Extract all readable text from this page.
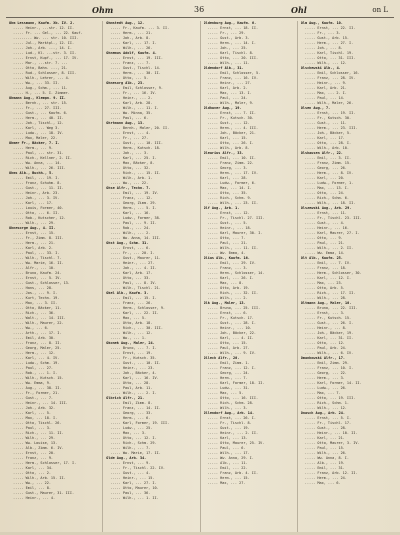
Ohm	36	Ohl	on L
Ohm Lessmann, Kaufm. Xb. IV. 2.
..... Heinr., ...str. 12. II.
..... Fr. ... Gel., ... 22. Kauf-
......... Ww. ... str. 10. III.
..... Jul., Marktpl., 12. II.
..... Joh., Arb. ..., 14. I.
..... Lud., Kl. ...str. 3. II.
..... Ernst, Kupf., ... 17. IV.
..... Mar., ...str. 7. ...
..... Otto, Bahn. ..., 21.
..... Rud., Schlosser, 8. III.
..... Wilh., Lehrer, ... 4.
..... Ww., ... 33. II.
..... Aug., Schm., ... 11.
..... H., ... 5. I. Zimmer.
Ohmann Aug., Klempn. 9. II.
..... Bernh., ... str. 15.
..... Fr., ... 27. III.
..... Gust., ... Kaufm. 6.
..... Herm., ... 40. II.
..... Joh., Tischl., 12.
..... Karl, ... Weg 3.
..... Ludw., ... 18. IV.
..... Max, Maler, 22.
Ohmer Fr., Bäcker, 7. I.
..... Herm., ... 9.
..... Paul, ... str. 31.
..... Rich., Kellner, 2. II.
..... Ww. Anna, ... 14.
..... Wilh., ... 26. III.
Ohms Alb., Buchh., 5.
..... Emil, ... 19. I.
..... Franz, Schuhm. 8.
..... Gust., ... 11. II.
..... Heinr., Arb. 23.
..... Joh., ... 3. IV.
..... Karl, ... 17.
..... Louis, Former, 40.
..... Otto, ... 6. II.
..... Rob., Kutscher, 12.
..... Wilh., ... 29.
Ohnesorge Aug., 4. II.
..... Ernst, ... 15.
..... Fr., Zimm. 8. III.
..... Herm., ... 21.
..... Karl, Arb. 2.
..... Paul, ... 33. I.
..... Wilh., Tischl. 7.
..... Ww. Marie, 16. II.
..... Alfr., ... 10.
..... Bruno, Kaufm. 24.
..... Ernst, ... 5. IV.
..... Gust., Schlosser, 13.
..... Hans, ... 28.
..... Jos., ... 9. I.
..... Kurt, Techn. 19.
..... Max, ... 3. II.
..... Otto, Bäcker, 11.
..... Rich., ... 36.
..... Walt., ... 14. III.
..... Wilh., Maurer, 22.
..... Ww., ... 6.
..... Arth., ... 17. I.
..... Emil, Arb. 30.
..... Franz, ... 8. II.
..... Georg, Maler, 25.
..... Herm., ... 12.
..... Karl, ... 4. IV.
..... Ludw., Schm. 19.
..... Paul, ... 27.
..... Rob., ... 1. I.
..... Wilh., Kutsch. 15.
..... Ww. Emma, 9.
..... Aug., ... 38. II.
..... Fr., Former, 21.
..... Gust., ... 7.
..... Heinr., ... 14. III.
..... Joh., Arb. 32.
..... Karl, ... 5.
..... Max, ... 18. I.
..... Otto, Tischl. 26.
..... Paul, ... 3.
..... Rich., ... 11. II.
..... Wilh., ... 29.
..... Ww. Louise, 13.
..... Alb., Zimm. 6. IV.
..... Ernst, ... 20.
..... Franz, ... 9.
..... Herm., Schlosser, 17. I.
..... Karl, ... 34.
..... Otto, ... 2.
..... Wilh., Arb. 15. II.
..... Ww., ... 22.
..... Emil, ... 8.
..... Gust., Maurer, 31. III.
..... Heinr., ... 4.
Ohmstedt Aug., 12.
..... Fr., Kaufm. ... 3. II.
..... Herm., ... 21.
..... Joh., Arb. 8.
..... Karl, ... 17. I.
..... Wilh., ... 26.
Ohnemus Adolf, Kaufm. 4.
..... Ernst, ... 19. III.
..... Franz, ... 7.
..... Gust., Tischl. 14.
..... Herm., ... 30. II.
..... Otto, ... 5.
Ohnesorg Alb., 23.
..... Emil, Schlosser, 9.
..... Fr., ... 16. IV.
..... Heinr., ... 2.
..... Karl, Arb. 28.
..... Wilh., ... 11. I.
..... Ww. Minna, 35.
..... Paul, ... 6.
Ohrtmann Aug., 13.
..... Bernh., Maler, 20. II.
..... Ernst, ... 4.
..... Fr., ... 27.
..... Gust., ... 10. III.
..... Herm., Kutsch. 18.
..... Joh., ... 3.
..... Karl, ... 25. I.
..... Max, Bäcker, 8.
..... Otto, ... 32.
..... Rich., ... 15. II.
..... Wilh., Arb. 1.
..... Ww., ... 22.
Ohse Alfr., Techn. 7.
..... Emil, ... 19. IV.
..... Franz, ... 12.
..... Georg, Zimm. 29.
..... Herm., ... 5. I.
..... Karl, ... 16.
..... Ludw., Former, 38.
..... Paul, ... 9. II.
..... Rob., ... 24.
..... Wilh., ... 2.
..... Ww. Anna, 14. III.
Ohst Aug., Schm. 31.
..... Ernst, ... 6.
..... Fr., ... 20. I.
..... Gust., Maurer, 11.
..... Heinr., ... 27.
..... Joh., ... 4. II.
..... Karl, Arb. 17.
..... Otto, ... 33.
..... Paul, ... 8. IV.
..... Wilh., Tischl. 21.
Okel Alb., Kaufm. 3.
..... Emil, ... 15. I.
..... Franz, ... 26.
..... Herm., Schlosser, 9.
..... Karl, ... 22. II.
..... Max, ... 5.
..... Otto, Arb. 18.
..... Rich., ... 30. III.
..... Wilh., ... 12.
..... Ww., ... 1.
Okonek Aug., Maler, 24.
..... Bruno, ... 7. I.
..... Ernst, ... 19.
..... Fr., Kutsch. 35.
..... Gust., ... 10. II.
..... Heinr., ... 23.
..... Joh., Bäcker, 4.
..... Karl, ... 16. IV.
..... Otto, ... 28.
..... Paul, Arb. 11.
..... Wilh., ... 2. I.
Olbrich Alfr., 21.
..... Emil, Zimm. 8.
..... Franz, ... 14. II.
..... Georg, ... 33.
..... Herm., ... 6.
..... Karl, Former, 19. III.
..... Ludw., ... 25.
..... Max, ... 3.
..... Otto, ... 12. I.
..... Rich., Schm. 29.
..... Wilh., ... 7.
..... Ww. Marie, 17. II.
Olde Aug., Arb. 34.
..... Ernst, ... 9.
..... Fr., Tischl. 22. IV.
..... Gust., ... 4.
..... Heinr., ... 15.
..... Karl, ... 27. I.
..... Otto, Maurer, 10.
..... Paul, ... 36.
..... Wilh., ... 1. II.
Oldenburg Aug., Kaufm. 6.
..... Ernst, ... 18. II.
..... Fr., ... 29.
..... Gust., Arb. 3.
..... Herm., ... 14. I.
..... Joh., ... 25.
..... Karl, Tischl. 8.
..... Otto, ... 20. III.
..... Wilh., ... 11.
Oldendorf Alb., 31.
..... Emil, Schlosser, 5.
..... Franz, ... 16. IV.
..... Heinr., ... 27.
..... Karl, Arb. 2.
..... Max, ... 13. I.
..... Paul, ... 24.
..... Wilh., Maler, 9.
Oldhaver Aug., 19.
..... Ernst, ... 7. II.
..... Fr., Kutsch. 30.
..... Gust., ... 12.
..... Herm., ... 4. III.
..... Joh., Bäcker, 21.
..... Karl, ... 15.
..... Otto, ... 26. I.
..... Wilh., Arb. 8.
Olearius Alfr., 33.
..... Emil, ... 10. II.
..... Franz, Zimm. 22.
..... Georg, ... 3.
..... Herm., ... 17. IV.
..... Karl, ... 28.
..... Ludw., Former, 6.
..... Max, ... 14. I.
..... Otto, ... 35.
..... Rich., Schm. 9.
..... Wilh., ... 23. II.
Olf Aug., Arb. 1.
..... Ernst, ... 12.
..... Fr., Tischl. 27. III.
..... Gust., ... 5.
..... Heinr., ... 18.
..... Karl, Maurer, 30. I.
..... Otto, ... 7.
..... Paul, ... 21.
..... Wilh., ... 11. II.
..... Ww. Emma, 4.
Olias Alb., Kaufm. 16.
..... Emil, ... 29. IV.
..... Franz, ... 3.
..... Herm., Schlosser, 14.
..... Karl, ... 26. I.
..... Max, ... 8.
..... Otto, Arb. 19.
..... Rich., ... 32. II.
..... Wilh., ... 2.
Olk Aug., Maler, 13.
..... Bruno, ... 25. III.
..... Ernst, ... 6.
..... Fr., Kutsch. 17.
..... Gust., ... 28. I.
..... Heinr., ... 10.
..... Joh., Bäcker, 22.
..... Karl, ... 4. II.
..... Otto, ... 15.
..... Paul, Arb. 27.
..... Wilh., ... 9. IV.
Ollech Alfr., 20.
..... Emil, Zimm. 1.
..... Franz, ... 12. I.
..... Georg, ... 24.
..... Herm., ... 7.
..... Karl, Former, 18. II.
..... Ludw., ... 31.
..... Max, ... 5.
..... Otto, ... 16. III.
..... Rich., Schm. 28.
..... Wilh., ... 3.
Ollendorf Aug., Arb. 14.
..... Ernst, ... 26. I.
..... Fr., Tischl. 8.
..... Gust., ... 19.
..... Heinr., ... 2. II.
..... Karl, ... 13.
..... Otto, Maurer, 25. IV.
..... Paul, ... 6.
..... Wilh., ... 17.
..... Ww. Anna, 29. I.
..... Alb., ... 11.
..... Emil, ... 22.
..... Franz, Arb. 4. II.
..... Herm., ... 15.
..... Max, ... 27.
Olm Aug., Kaufm. 10.
..... Ernst, ... 22. II.
..... Fr., ... 3.
..... Gust., Arb. 15.
..... Herm., ... 27. I.
..... Joh., ... 8.
..... Karl, Tischl. 19.
..... Otto, ... 31. III.
..... Wilh., ... 12.
Olschewski Alb., 4.
..... Emil, Schlosser, 16.
..... Franz, ... 28. IV.
..... Heinr., ... 9.
..... Karl, Arb. 21.
..... Max, ... 2. I.
..... Paul, ... 14.
..... Wilh., Maler, 26.
Olsen Aug., 7.
..... Ernst, ... 19. II.
..... Fr., Kutsch. 30.
..... Gust., ... 11.
..... Herm., ... 23. III.
..... Joh., Bäcker, 5.
..... Karl, ... 17.
..... Otto, ... 28. I.
..... Wilh., Arb. 10.
Olshausen Alfr., 22.
..... Emil, ... 3. II.
..... Franz, Zimm. 15.
..... Georg, ... 26.
..... Herm., ... 8. IV.
..... Karl, ... 20.
..... Ludw., Former, 1.
..... Max, ... 13. I.
..... Otto, ... 24.
..... Rich., Schm. 6.
..... Wilh., ... 18. II.
Olszewski Aug., Arb. 29.
..... Ernst, ... 11.
..... Fr., Tischl. 23. III.
..... Gust., ... 4.
..... Heinr., ... 16.
..... Karl, Maurer, 27. I.
..... Otto, ... 9.
..... Paul, ... 21.
..... Wilh., ... 2. II.
..... Ww. Emma, 14.
Olt Alb., Kaufm. 25.
..... Emil, ... 7. IV.
..... Franz, ... 18.
..... Herm., Schlosser, 30.
..... Karl, ... 12. I.
..... Max, ... 23.
..... Otto, Arb. 5.
..... Rich., ... 17. II.
..... Wilh., ... 28.
Oltmann Aug., Maler, 10.
..... Bruno, ... 22. III.
..... Ernst, ... 3.
..... Fr., Kutsch. 15.
..... Gust., ... 26. I.
..... Heinr., ... 8.
..... Joh., Bäcker, 19.
..... Karl, ... 31. II.
..... Otto, ... 12.
..... Paul, Arb. 24.
..... Wilh., ... 6. IV.
Omankowski Alfr., 17.
..... Emil, Zimm. 29.
..... Franz, ... 10. I.
..... Georg, ... 22.
..... Herm., ... 3.
..... Karl, Former, 14. II.
..... Ludw., ... 26.
..... Max, ... 7.
..... Otto, ... 19. III.
..... Rich., Schm. 1.
..... Wilh., ... 12.
Onasch Aug., Arb. 24.
..... Ernst, ... 5. I.
..... Fr., Tischl. 17.
..... Gust., ... 28.
..... Heinr., ... 10. II.
..... Karl, ... 21.
..... Otto, Maurer, 3. IV.
..... Paul, ... 15.
..... Wilh., ... 26.
..... Ww. Anna, 8. I.
..... Alb., ... 19.
..... Emil, ... 31.
..... Franz, Arb. 12. II.
..... Herm., ... 24.
..... Max, ... 6.
